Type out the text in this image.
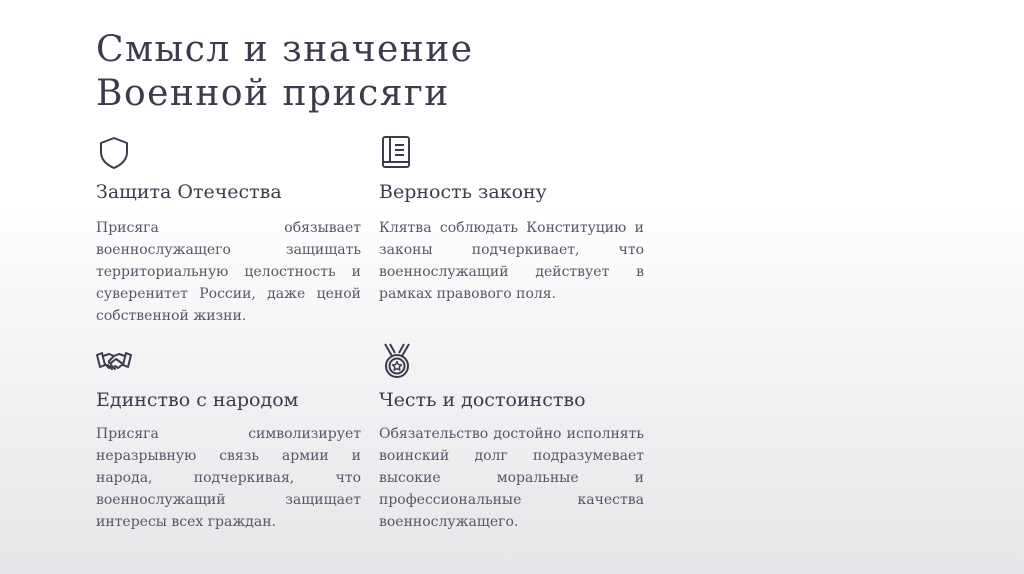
Смысл и значение Военной присяги
Защита Отечества
Присяга обязывает военнослужащего защищать территориальную целостность и суверенитет России, даже ценой собственной жизни.
Верность закону
Клятва соблюдать Конституцию и законы подчеркивает, что военнослужащий действует в рамках правового поля.
Единство с народом
Присяга символизирует неразрывную связь армии и народа, подчеркивая, что военнослужащий защищает интересы всех граждан.
Честь и достоинство
Обязательство достойно исполнять воинский долг подразумевает высокие моральные и профессиональные качества военнослужащего.
